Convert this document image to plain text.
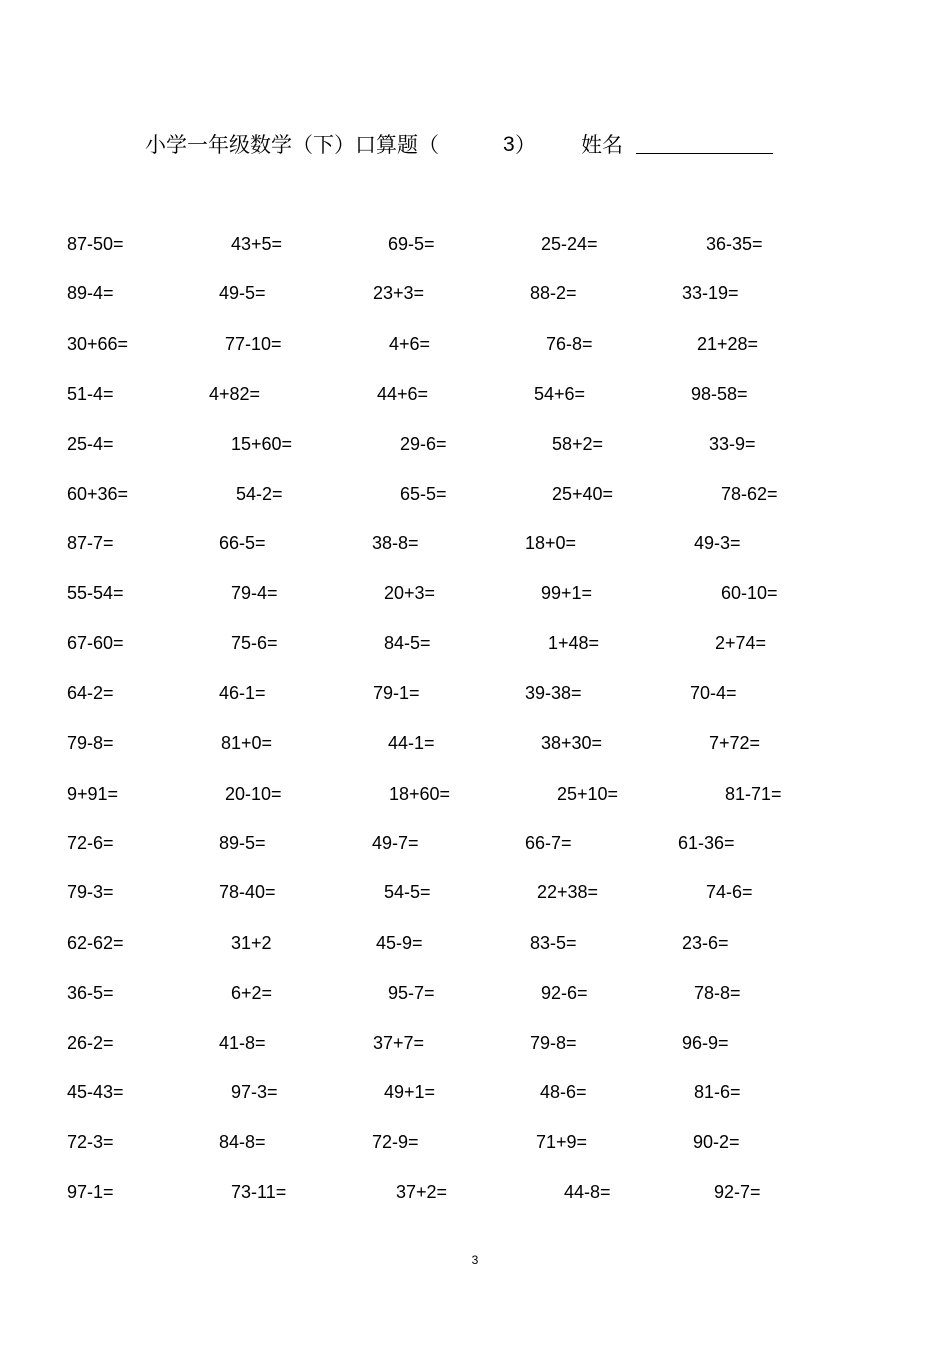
小学一年级数学（下）口算题（	3 ） 姓名
87-50=	43+5=	69-5=	25-24=	36-35=
89-4=	49-5=	23+3=	88-2=	33-19=
30+66=	77-10=	4+6=	76-8=	21+28=
51-4=	4+82=	44+6=	54+6=	98-58=
25-4=	15+60=	29-6=	58+2=	33-9=
60+36=	54-2=	65-5=	25+40=	78-62=
87-7=	66-5=	38-8=	18+0=	49-3=
55-54=	79-4=	20+3=	99+1=	60-10=
67-60=	75-6=	84-5=	1+48=	2+74=
64-2=	46-1=	79-1=	39-38=	70-4=
79-8=	81+0=	44-1=	38+30=	7+72=
9+91=	20-10=	18+60=	25+10=	81-71=
72-6=	89-5=	49-7=	66-7=	61-36=
79-3=	78-40=	54-5=	22+38=	74-6=
62-62=	31+2	45-9=	83-5=	23-6=
36-5=	6+2=	95-7=	92-6=	78-8=
26-2=	41-8=	37+7=	79-8=	96-9=
45-43=	97-3=	49+1=	48-6=	81-6=
72-3=	84-8=	72-9=	71+9=	90-2=
97-1=	73-11=	37+2=	44-8=	92-7=
3
